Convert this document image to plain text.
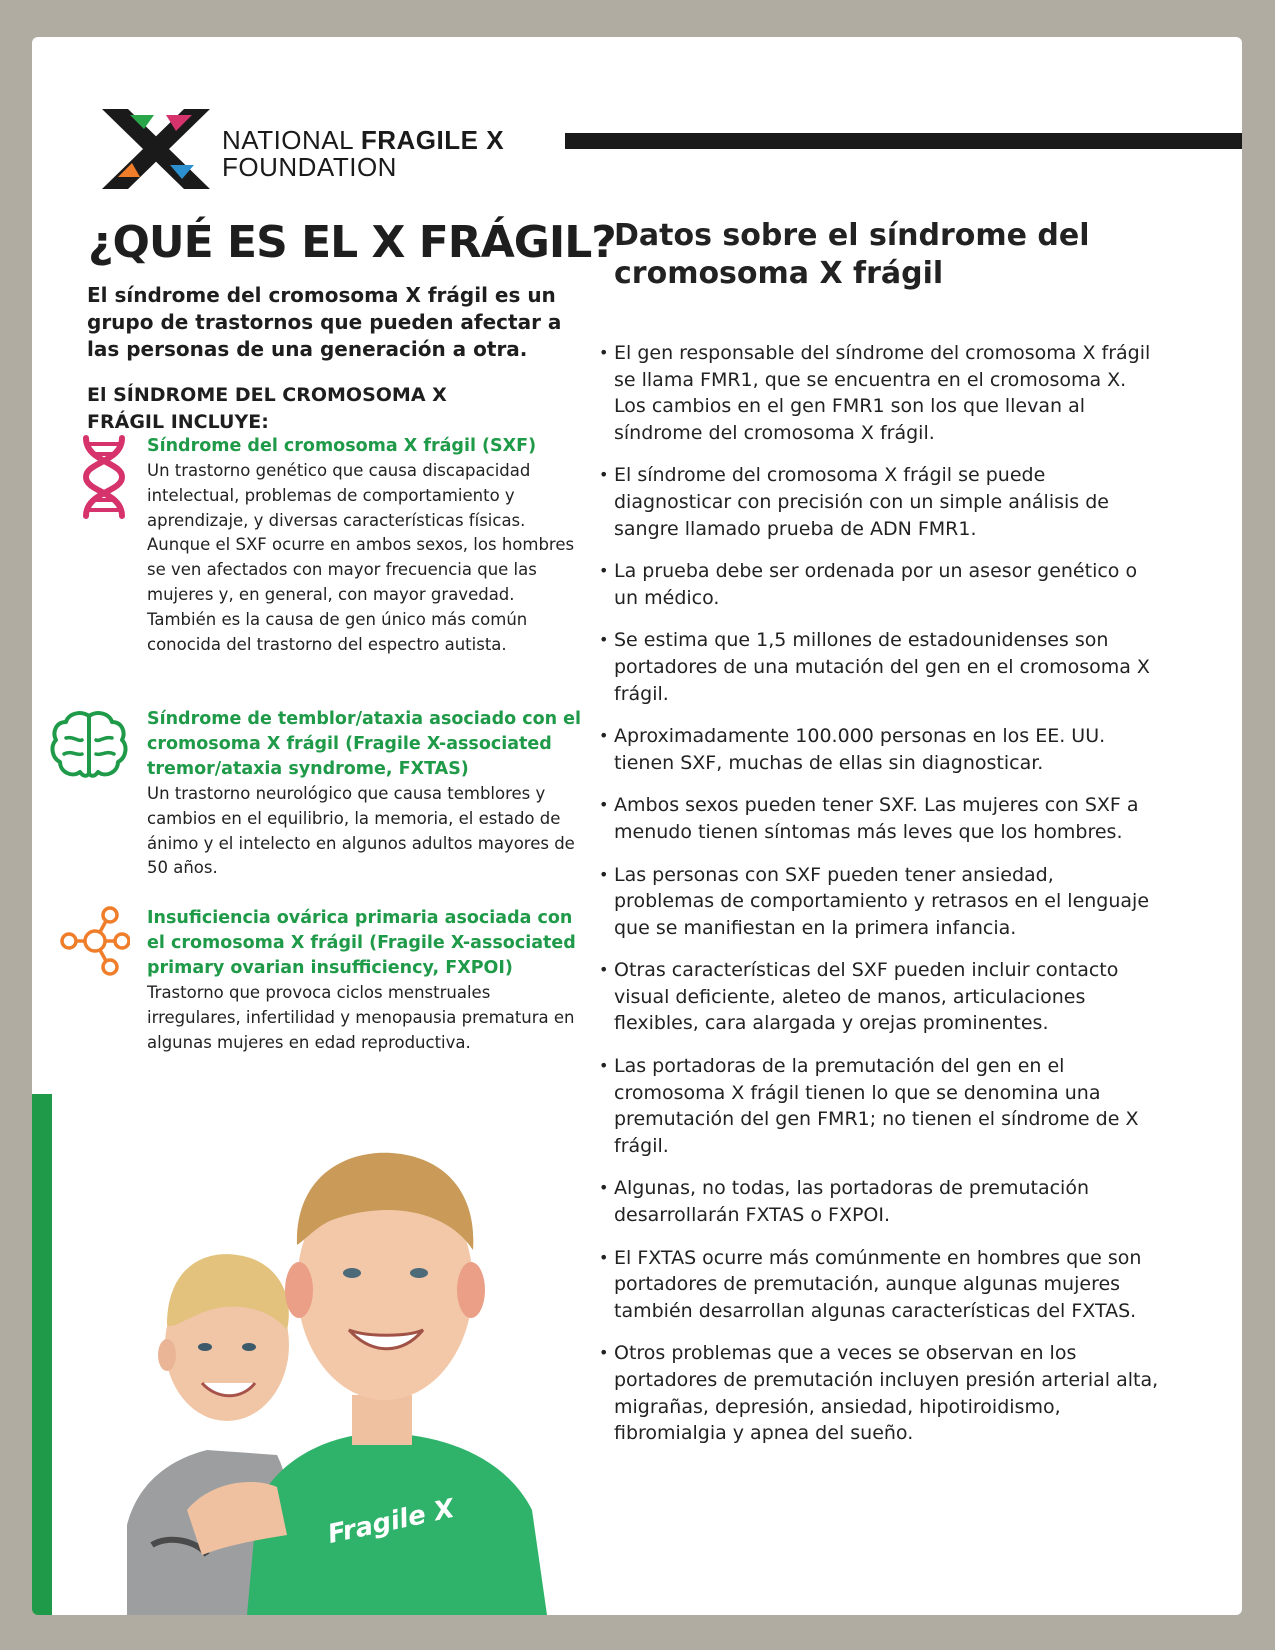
NATIONAL FRAGILE X
FOUNDATION
¿QUÉ ES EL X FRÁGIL?

El síndrome del cromosoma X frágil es un grupo de trastornos que pueden afectar a las personas de una generación a otra.

El SÍNDROME DEL CROMOSOMA X FRÁGIL INCLUYE:

Síndrome del cromosoma X frágil (SXF)

Un trastorno genético que causa discapacidad intelectual, problemas de comportamiento y aprendizaje, y diversas características físicas. Aunque el SXF ocurre en ambos sexos, los hombres se ven afectados con mayor frecuencia que las mujeres y, en general, con mayor gravedad. También es la causa de gen único más común conocida del trastorno del espectro autista.

Síndrome de temblor/ataxia asociado con el cromosoma X frágil (Fragile X-associated tremor/ataxia syndrome, FXTAS)

Un trastorno neurológico que causa temblores y cambios en el equilibrio, la memoria, el estado de ánimo y el intelecto en algunos adultos mayores de 50 años.

Insuficiencia ovárica primaria asociada con el cromosoma X frágil (Fragile X-associated primary ovarian insufficiency, FXPOI)

Trastorno que provoca ciclos menstruales irregulares, infertilidad y menopausia prematura en algunas mujeres en edad reproductiva.

Fragile X
Datos sobre el síndrome del cromosoma X frágil
• El gen responsable del síndrome del cromosoma X frágil se llama FMR1, que se encuentra en el cromosoma X. Los cambios en el gen FMR1 son los que llevan al síndrome del cromosoma X frágil.
• El síndrome del cromosoma X frágil se puede diagnosticar con precisión con un simple análisis de sangre llamado prueba de ADN FMR1.
• La prueba debe ser ordenada por un asesor genético o un médico.
• Se estima que 1,5 millones de estadounidenses son portadores de una mutación del gen en el cromosoma X frágil.
• Aproximadamente 100.000 personas en los EE. UU. tienen SXF, muchas de ellas sin diagnosticar.
• Ambos sexos pueden tener SXF. Las mujeres con SXF a menudo tienen síntomas más leves que los hombres.
• Las personas con SXF pueden tener ansiedad, problemas de comportamiento y retrasos en el lenguaje que se manifiestan en la primera infancia.
• Otras características del SXF pueden incluir contacto visual deficiente, aleteo de manos, articulaciones flexibles, cara alargada y orejas prominentes.
• Las portadoras de la premutación del gen en el cromosoma X frágil tienen lo que se denomina una premutación del gen FMR1; no tienen el síndrome de X frágil.
• Algunas, no todas, las portadoras de premutación desarrollarán FXTAS o FXPOI.
• El FXTAS ocurre más comúnmente en hombres que son portadores de premutación, aunque algunas mujeres también desarrollan algunas características del FXTAS.
• Otros problemas que a veces se observan en los portadores de premutación incluyen presión arterial alta, migrañas, depresión, ansiedad, hipotiroidismo, fibromialgia y apnea del sueño.
